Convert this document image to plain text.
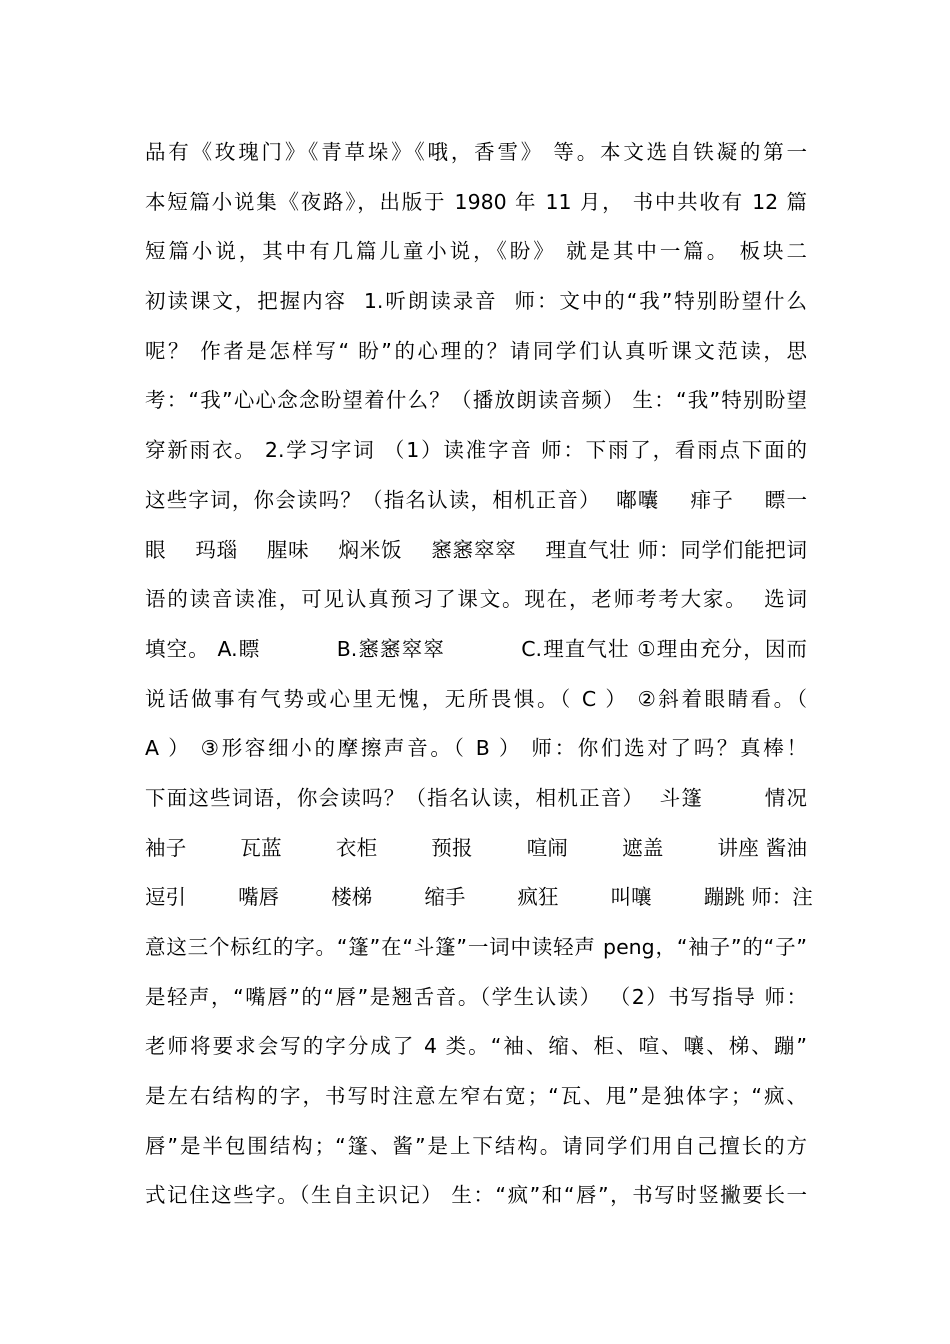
品有《玫瑰门》《青草垛》《哦，香雪》 等。本文选自铁凝的第一
本短篇小说集《夜路》，出版于 1980 年 11 月， 书中共收有 12 篇
短篇小说，其中有几篇儿童小说，《盼》 就是其中一篇。 板块二
初读课文，把握内容  1.听朗读录音  师：文中的“我”特别盼望什么
呢？ 作者是怎样写“ 盼”的心理的？请同学们认真听课文范读，思
考：“我”心心念念盼望着什么？（播放朗读音频） 生：“我”特别盼望
穿新雨衣。 2.学习字词 （1）读准字音 师：下雨了，看雨点下面的
这些字词，你会读吗？（指名认读，相机正音）  嘟囔    痱子    瞟一
眼    玛瑙    腥味    焖米饭    窸窸窣窣    理直气壮 师：同学们能把词
语的读音读准，可见认真预习了课文。现在，老师考考大家。  选词
填空。 A.瞟          B.窸窸窣窣          C.理直气壮 ①理由充分，因而
说话做事有气势或心里无愧，无所畏惧。（ C ） ②斜着眼睛看。（
A ） ③形容细小的摩擦声音。（ B ） 师：你们选对了吗？真棒！
下面这些词语，你会读吗？（指名认读，相机正音）  斗篷        情况
袖子        瓦蓝        衣柜        预报        喧闹        遮盖        讲座 酱油
逗引        嘴唇        楼梯        缩手        疯狂        叫嚷        蹦跳 师：注
意这三个标红的字。“篷”在“斗篷”一词中读轻声 peng，“袖子”的“子”
是轻声，“嘴唇”的“唇”是翘舌音。（学生认读） （2）书写指导 师：
老师将要求会写的字分成了 4 类。“袖、缩、柜、喧、嚷、梯、蹦”
是左右结构的字，书写时注意左窄右宽；“瓦、甩”是独体字；“疯、
唇”是半包围结构；“篷、酱”是上下结构。请同学们用自己擅长的方
式记住这些字。（生自主识记） 生：“疯”和“唇”，书写时竖撇要长一
